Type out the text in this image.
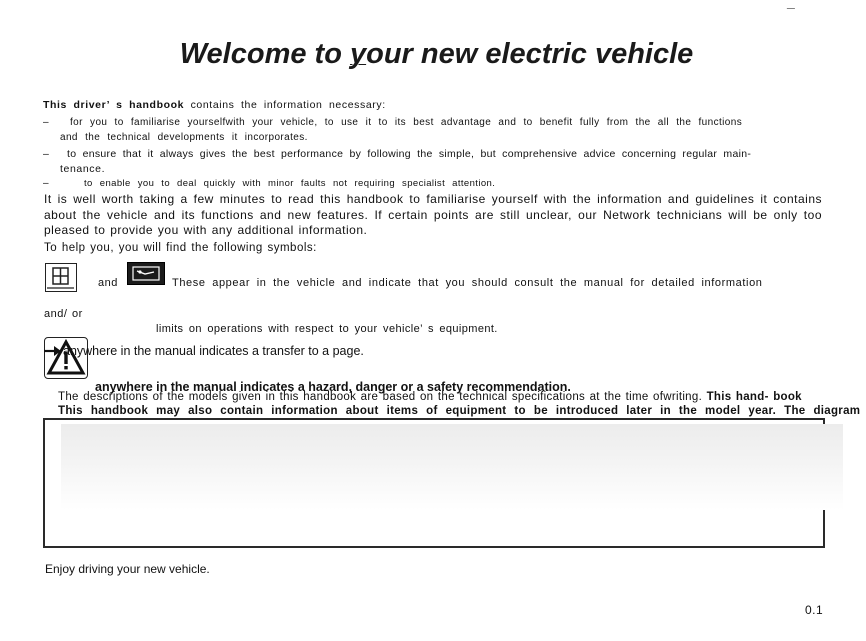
_
Welcome to your new electric vehicle
This driver’ s handbook contains the information necessary:
– for you to familiarise yourselfwith your vehicle, to use it to its best advantage and to benefit fully from the all the functions
and the technical developments it incorporates.
– to ensure that it always gives the best performance by following the simple, but comprehensive advice concerning regular main-
tenance.
–	to enable you to deal quickly with minor faults not requiring specialist attention.
It is well worth taking a few minutes to read this handbook to familiarise yourself with the information and guidelines it contains about the vehicle and its functions and new features. If certain points are still unclear, our Network technicians will be only too pleased to provide you with any additional information.
To help you, you will find the following symbols:
and	These appear in the vehicle and indicate that you should consult the manual for detailed information
and/ or
limits on operations with respect to your vehicle’ s equipment.
anywhere in the manual indicates a transfer to a page.
anywhere in the manual indicates a hazard, danger or a safety recommendation.
The descriptions of the models given in this handbook are based on the technical specifications at the time ofwriting. This hand- book
This handbook may also contain information about items of equipment to be introduced later in the model year. The diagram
Enjoy driving your new vehicle.
0.1
